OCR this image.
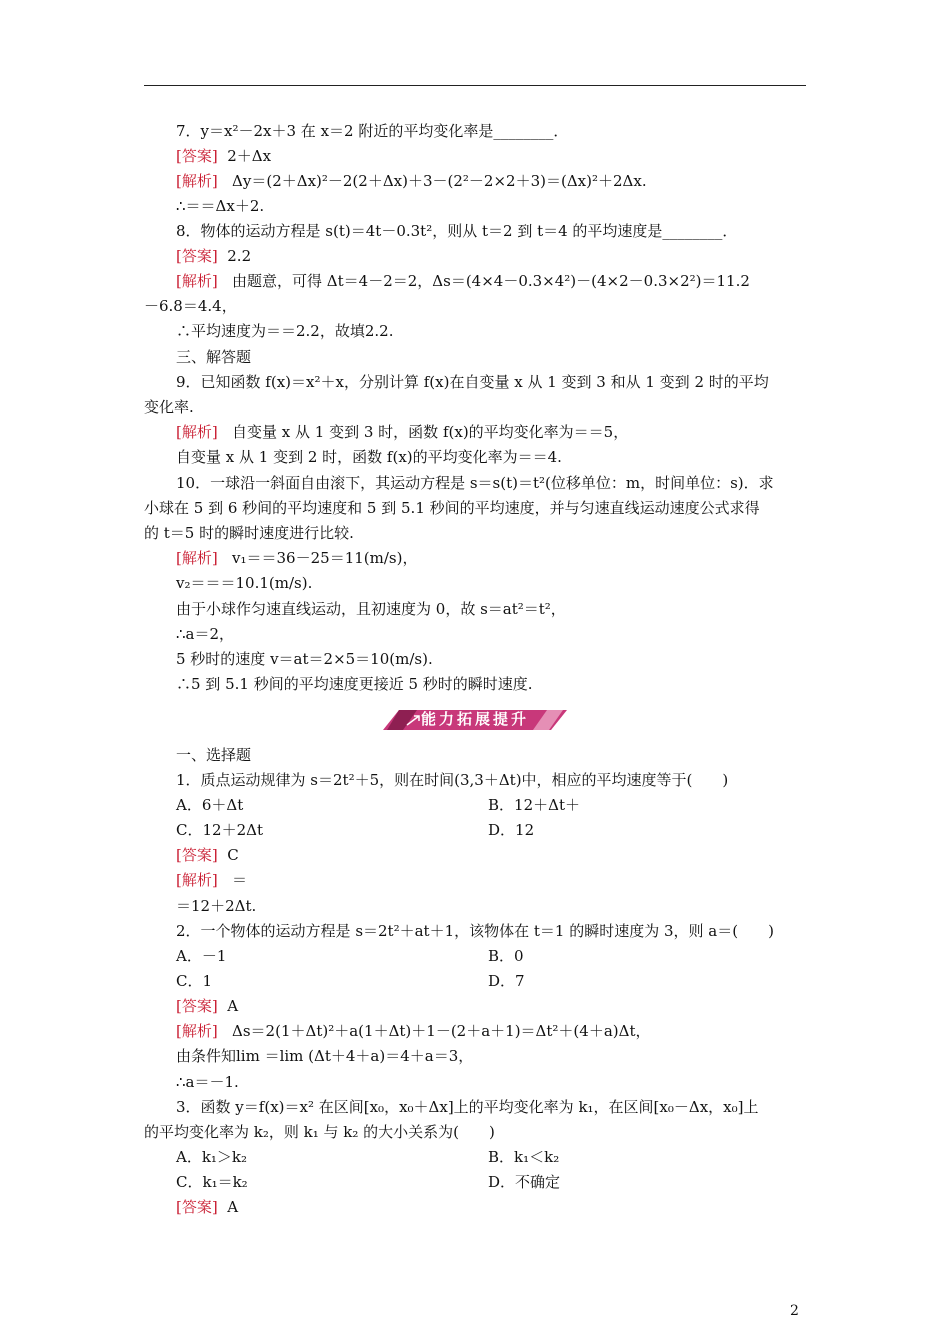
7．y＝x²－2x＋3 在 x＝2 附近的平均变化率是________．
[答案] 2＋Δx
[解析] Δy＝(2＋Δx)²－2(2＋Δx)＋3－(2²－2×2＋3)＝(Δx)²＋2Δx.
∴＝＝Δx＋2.
8．物体的运动方程是 s(t)＝4t－0.3t²，则从 t＝2 到 t＝4 的平均速度是________．
[答案] 2.2
[解析] 由题意，可得 Δt＝4－2＝2，Δs＝(4×4－0.3×4²)－(4×2－0.3×2²)＝11.2
－6.8＝4.4，
∴平均速度为＝＝2.2，故填2.2.
三、解答题
9．已知函数 f(x)＝x²＋x，分别计算 f(x)在自变量 x 从 1 变到 3 和从 1 变到 2 时的平均
变化率.
[解析] 自变量 x 从 1 变到 3 时，函数 f(x)的平均变化率为＝＝5，
自变量 x 从 1 变到 2 时，函数 f(x)的平均变化率为＝＝4.
10．一球沿一斜面自由滚下，其运动方程是 s＝s(t)＝t²(位移单位：m，时间单位：s)．求
小球在 5 到 6 秒间的平均速度和 5 到 5.1 秒间的平均速度，并与匀速直线运动速度公式求得
的 t＝5 时的瞬时速度进行比较.
[解析] v₁＝＝36－25＝11(m/s)，
v₂＝＝＝10.1(m/s).
由于小球作匀速直线运动，且初速度为 0，故 s＝at²＝t²，
∴a＝2，
5 秒时的速度 v＝at＝2×5＝10(m/s).
∴5 到 5.1 秒间的平均速度更接近 5 秒时的瞬时速度.
能力拓展提升
一、选择题
1．质点运动规律为 s＝2t²＋5，则在时间(3,3＋Δt)中，相应的平均速度等于(　　)
A．6＋Δt	B．12＋Δt＋
C．12＋2Δt	D．12
[答案] C
[解析] ＝
＝12＋2Δt.
2．一个物体的运动方程是 s＝2t²＋at＋1，该物体在 t＝1 的瞬时速度为 3，则 a＝(　　)
A．－1	B．0
C．1	D．7
[答案] A
[解析] Δs＝2(1＋Δt)²＋a(1＋Δt)＋1－(2＋a＋1)＝Δt²＋(4＋a)Δt，
由条件知lim ＝lim (Δt＋4＋a)＝4＋a＝3，
∴a＝－1.
3．函数 y＝f(x)＝x² 在区间[x₀，x₀＋Δx]上的平均变化率为 k₁，在区间[x₀－Δx，x₀]上
的平均变化率为 k₂，则 k₁ 与 k₂ 的大小关系为(　　)
A．k₁＞k₂	B．k₁＜k₂
C．k₁＝k₂	D．不确定
[答案] A
2
